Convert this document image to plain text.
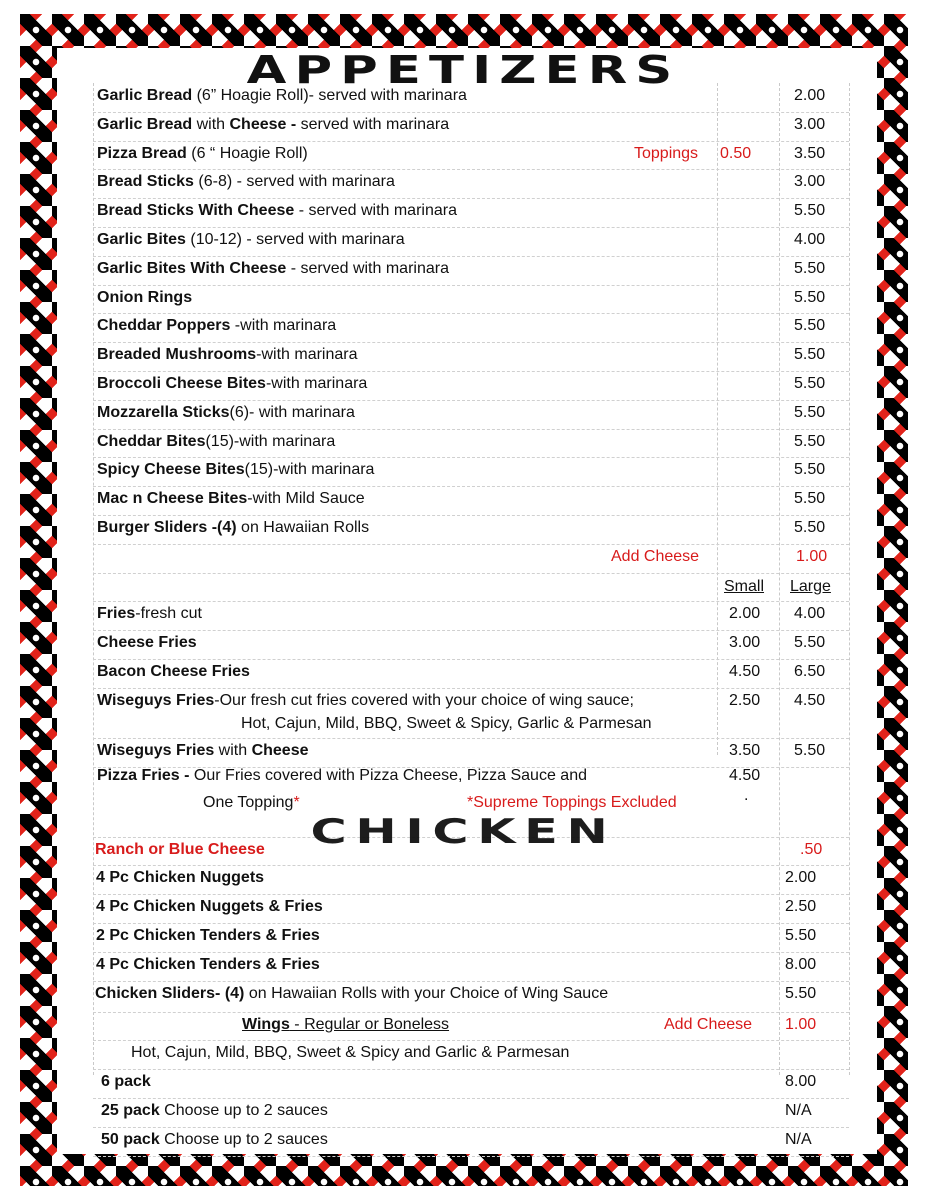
APPETIZERS
Garlic Bread (6” Hoagie Roll)- served with marinara	2.00
Garlic Bread with Cheese - served with marinara	3.00
Pizza Bread (6 “ Hoagie Roll)	Toppings 0.50	3.50
Bread Sticks (6-8) - served with marinara	3.00
Bread Sticks With Cheese - served with marinara	5.50
Garlic Bites (10-12) - served with marinara	4.00
Garlic Bites With Cheese - served with marinara	5.50
Onion Rings	5.50
Cheddar Poppers -with marinara	5.50
Breaded Mushrooms-with marinara	5.50
Broccoli Cheese Bites-with marinara	5.50
Mozzarella Sticks(6)- with marinara	5.50
Cheddar Bites(15)-with marinara	5.50
Spicy Cheese Bites(15)-with marinara	5.50
Mac n Cheese Bites-with Mild Sauce	5.50
Burger Sliders -(4) on Hawaiian Rolls	5.50
Add Cheese	1.00
Small Large
Fries-fresh cut	2.00 4.00
Cheese Fries	3.00 5.50
Bacon Cheese Fries	4.50 6.50
Wiseguys Fries-Our fresh cut fries covered with your choice of wing sauce;
Hot, Cajun, Mild, BBQ, Sweet & Spicy, Garlic & Parmesan
2.50 4.50
Wiseguys Fries with Cheese	3.50 5.50
Pizza Fries - Our Fries covered with Pizza Cheese, Pizza Sauce and
One Topping*	*Supreme Toppings Excluded
4.50
.
Ranch or Blue Cheese	.50
4 Pc Chicken Nuggets	2.00
4 Pc Chicken Nuggets & Fries	2.50
2 Pc Chicken Tenders & Fries	5.50
4 Pc Chicken Tenders & Fries	8.00
Chicken Sliders- (4) on Hawaiian Rolls with your Choice of Wing Sauce	5.50
Wings - Regular or Boneless	Add Cheese 1.00
Hot, Cajun, Mild, BBQ, Sweet & Spicy and Garlic & Parmesan
6 pack	8.00
25 pack Choose up to 2 sauces	N/A
50 pack Choose up to 2 sauces	N/A
CHICKEN
